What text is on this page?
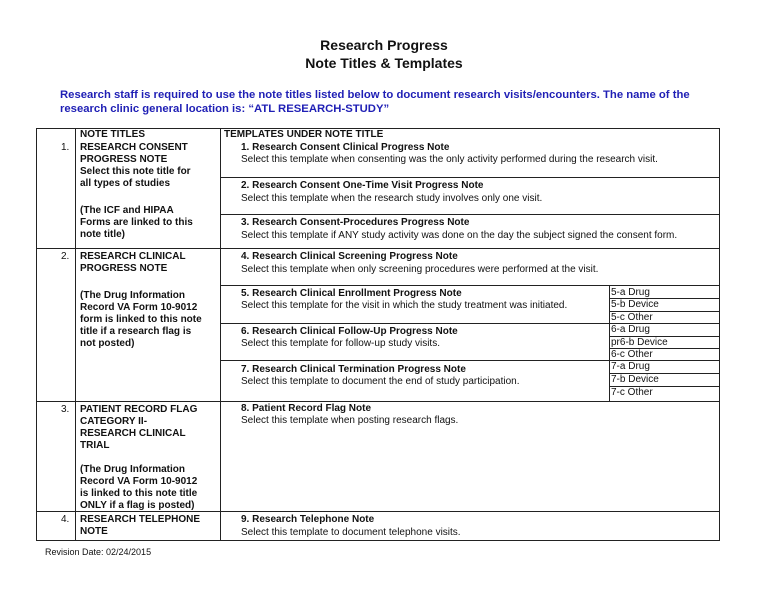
Research Progress
Note Titles & Templates
Research staff is required to use the note titles listed below to document research visits/encounters. The name of the
research clinic general location is: “ATL RESEARCH-STUDY”
NOTE TITLES	TEMPLATES UNDER NOTE TITLE
1. RESEARCH CONSENT
PROGRESS NOTE
Select this note title for
all types of studies
(The ICF and HIPAA
Forms are linked to this
note title)
2. RESEARCH CLINICAL
PROGRESS NOTE
(The Drug Information
Record VA Form 10-9012
form is linked to this note
title if a research flag is
not posted)
3. PATIENT RECORD FLAG
CATEGORY II-
RESEARCH CLINICAL
TRIAL
(The Drug Information
Record VA Form 10-9012
is linked to this note title
ONLY if a flag is posted)
4. RESEARCH TELEPHONE
NOTE
1. Research Consent Clinical Progress Note
Select this template when consenting was the only activity performed during the research visit.
2. Research Consent One-Time Visit Progress Note
Select this template when the research study involves only one visit.
3. Research Consent-Procedures Progress Note
Select this template if ANY study activity was done on the day the subject signed the consent form.
4. Research Clinical Screening Progress Note
Select this template when only screening procedures were performed at the visit.
5. Research Clinical Enrollment Progress Note
Select this template for the visit in which the study treatment was initiated.
6. Research Clinical Follow-Up Progress Note
Select this template for follow-up study visits.
7. Research Clinical Termination Progress Note
Select this template to document the end of study participation.
8. Patient Record Flag Note
Select this template when posting research flags.
9. Research Telephone Note
Select this template to document telephone visits.
5-a Drug
5-b Device
5-c Other
6-a Drug
pr6-b Device
6-c Other
7-a Drug
7-b Device
7-c Other
Revision Date: 02/24/2015
